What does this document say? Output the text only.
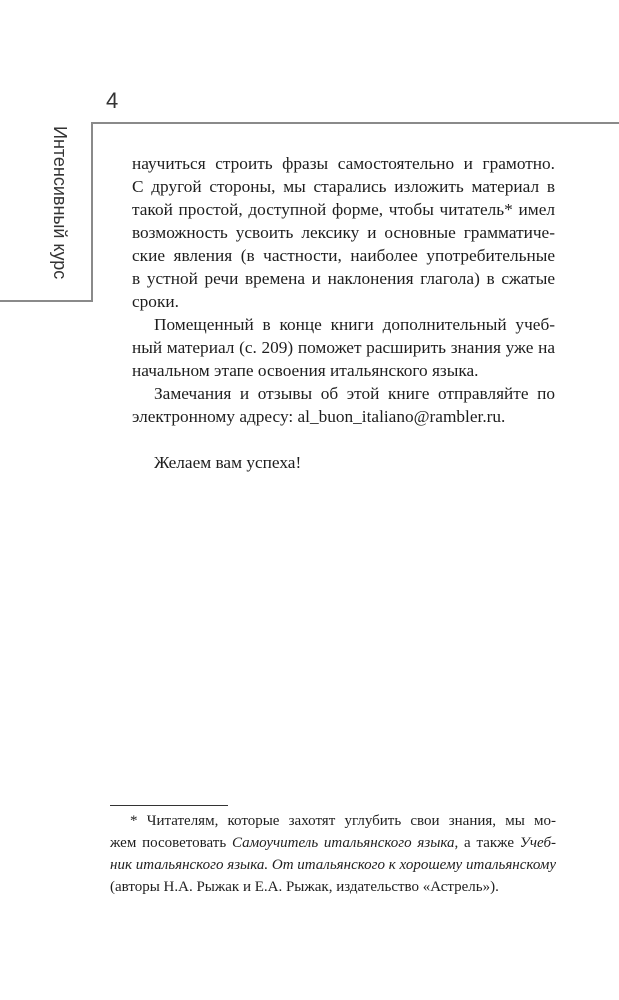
4
Интенсивный курс	научиться строить фразы самостоятельно и грамотно.
С другой стороны, мы старались изложить материал в
такой простой, доступной форме, чтобы читатель* имел
возможность усвоить лексику и основные грамматиче-
ские явления (в частности, наиболее употребительные
в устной речи времена и наклонения глагола) в сжатые
сроки.
Помещенный в конце книги дополнительный учеб-
ный материал (с. 209) поможет расширить знания уже на
начальном этапе освоения итальянского языка.
Замечания и отзывы об этой книге отправляйте по
электронному адресу: al_buon_italiano@rambler.ru.
Желаем вам успеха!
* Читателям, которые захотят углубить свои знания, мы мо-
жем посоветовать Самоучитель итальянского языка, а также Учеб-
ник итальянского языка. От итальянского к хорошему итальянскому
(авторы Н.А. Рыжак и Е.А. Рыжак, издательство «Астрель»).
